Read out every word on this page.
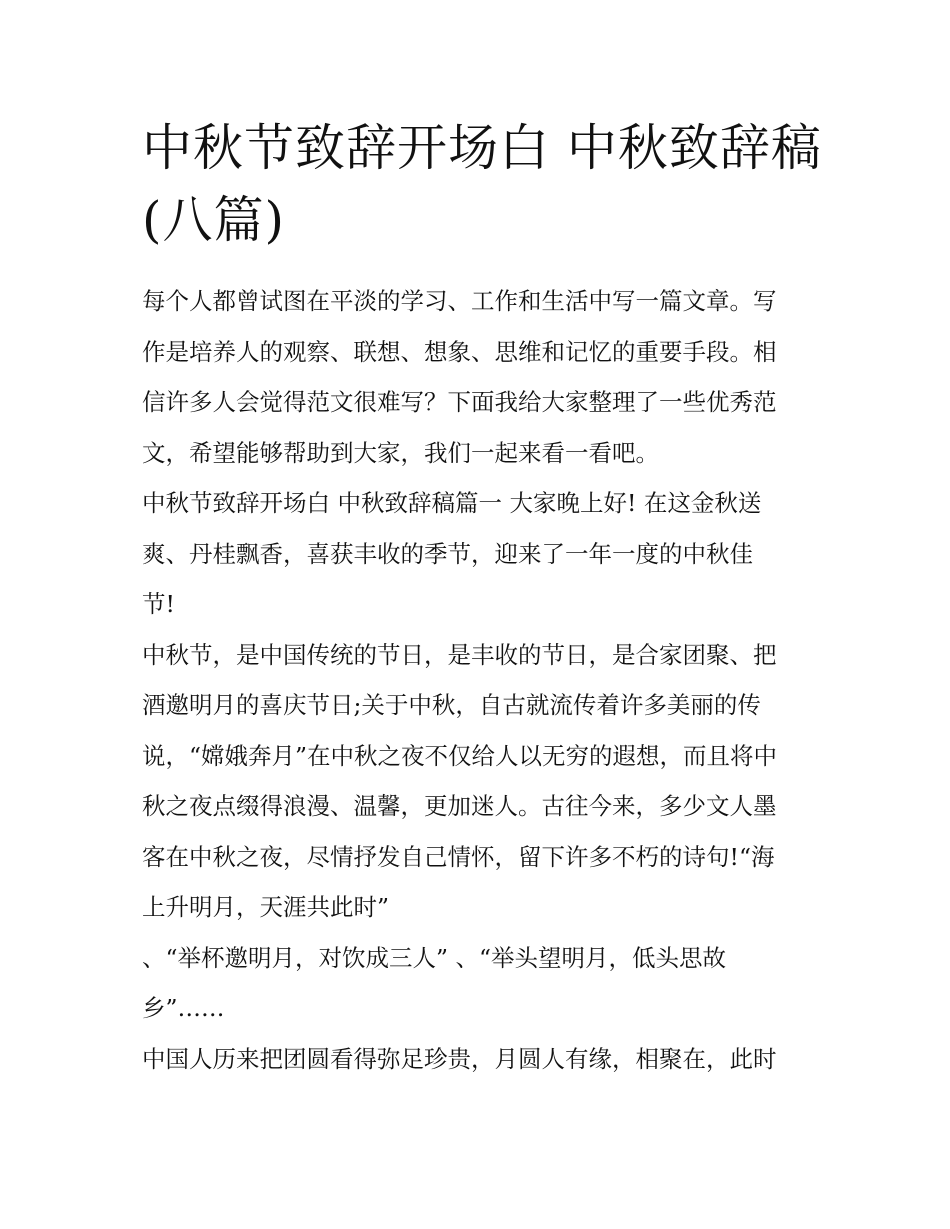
中秋节致辞开场白 中秋致辞稿
(八篇)
每个人都曾试图在平淡的学习、工作和生活中写一篇文章。写
作是培养人的观察、联想、想象、思维和记忆的重要手段。相
信许多人会觉得范文很难写？下面我给大家整理了一些优秀范
文，希望能够帮助到大家，我们一起来看一看吧。
中秋节致辞开场白 中秋致辞稿篇一 大家晚上好! 在这金秋送
爽、丹桂飘香，喜获丰收的季节，迎来了一年一度的中秋佳
节!
中秋节，是中国传统的节日，是丰收的节日，是合家团聚、把
酒邀明月的喜庆节日;关于中秋，自古就流传着许多美丽的传
说，“嫦娥奔月”在中秋之夜不仅给人以无穷的遐想，而且将中
秋之夜点缀得浪漫、温馨，更加迷人。古往今来，多少文人墨
客在中秋之夜，尽情抒发自己情怀，留下许多不朽的诗句!“海
上升明月，天涯共此时”
、“举杯邀明月，对饮成三人” 、“举头望明月，低头思故
乡”……
中国人历来把团圆看得弥足珍贵，月圆人有缘，相聚在，此时
